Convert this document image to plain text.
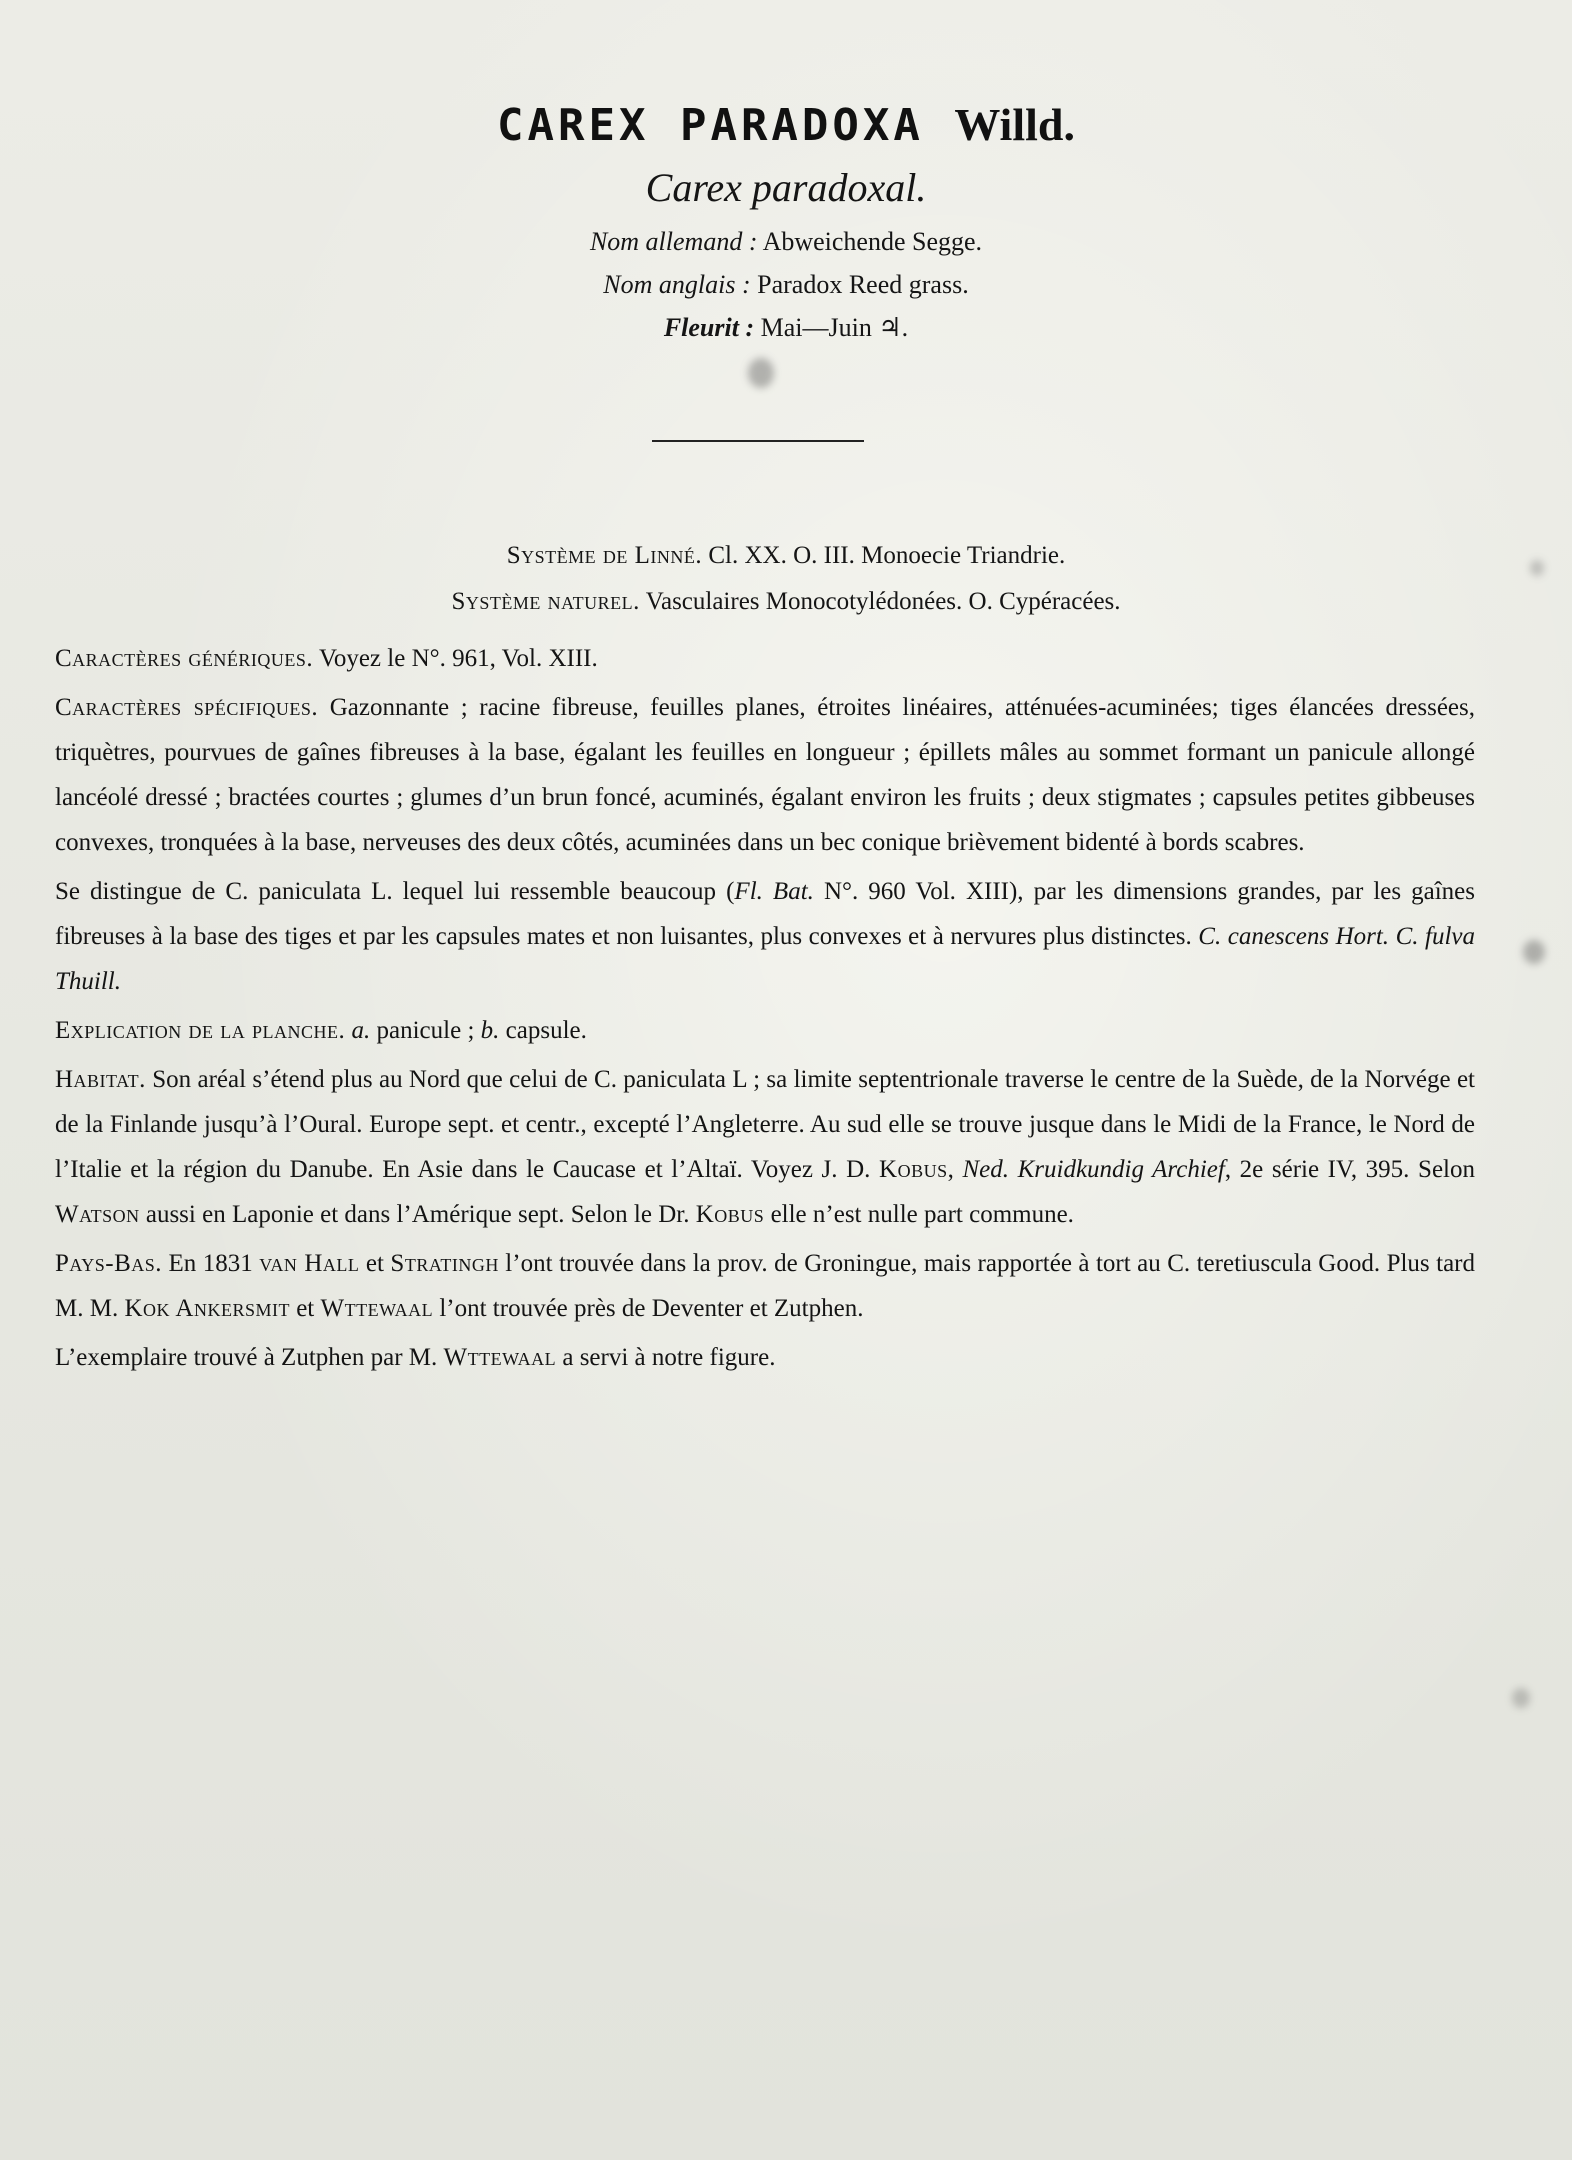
CAREX PARADOXA Willd.
Carex paradoxal.
Nom allemand : Abweichende Segge.
Nom anglais : Paradox Reed grass.
Fleurit : Mai—Juin ♃.
Système de Linné. Cl. XX. O. III. Monoecie Triandrie.
Système naturel. Vasculaires Monocotylédonées. O. Cypéracées.

Caractères génériques. Voyez le N°. 961, Vol. XIII.

Caractères spécifiques. Gazonnante ; racine fibreuse, feuilles planes, étroites linéaires, atténuées-acuminées; tiges élancées dressées, triquètres, pourvues de gaînes fibreuses à la base, égalant les feuilles en longueur ; épillets mâles au sommet formant un panicule allongé lancéolé dressé ; bractées courtes ; glumes d’un brun foncé, acuminés, égalant environ les fruits ; deux stigmates ; capsules petites gibbeuses convexes, tronquées à la base, nerveuses des deux côtés, acuminées dans un bec conique brièvement bidenté à bords scabres.

Se distingue de C. paniculata L. lequel lui ressemble beaucoup (Fl. Bat. N°. 960 Vol. XIII), par les dimensions grandes, par les gaînes fibreuses à la base des tiges et par les capsules mates et non luisantes, plus convexes et à nervures plus distinctes. C. canescens Hort. C. fulva Thuill.

Explication de la planche. a. panicule ; b. capsule.

Habitat. Son aréal s’étend plus au Nord que celui de C. paniculata L ; sa limite septentrionale traverse le centre de la Suède, de la Norvége et de la Finlande jusqu’à l’Oural. Europe sept. et centr., excepté l’Angleterre. Au sud elle se trouve jusque dans le Midi de la France, le Nord de l’Italie et la région du Danube. En Asie dans le Caucase et l’Altaï. Voyez J. D. Kobus, Ned. Kruidkundig Archief, 2e série IV, 395. Selon Watson aussi en Laponie et dans l’Amérique sept. Selon le Dr. Kobus elle n’est nulle part commune.

Pays-Bas. En 1831 van Hall et Stratingh l’ont trouvée dans la prov. de Groningue, mais rapportée à tort au C. teretiuscula Good. Plus tard M. M. Kok Ankersmit et Wttewaal l’ont trouvée près de Deventer et Zutphen.

L’exemplaire trouvé à Zutphen par M. Wttewaal a servi à notre figure.
